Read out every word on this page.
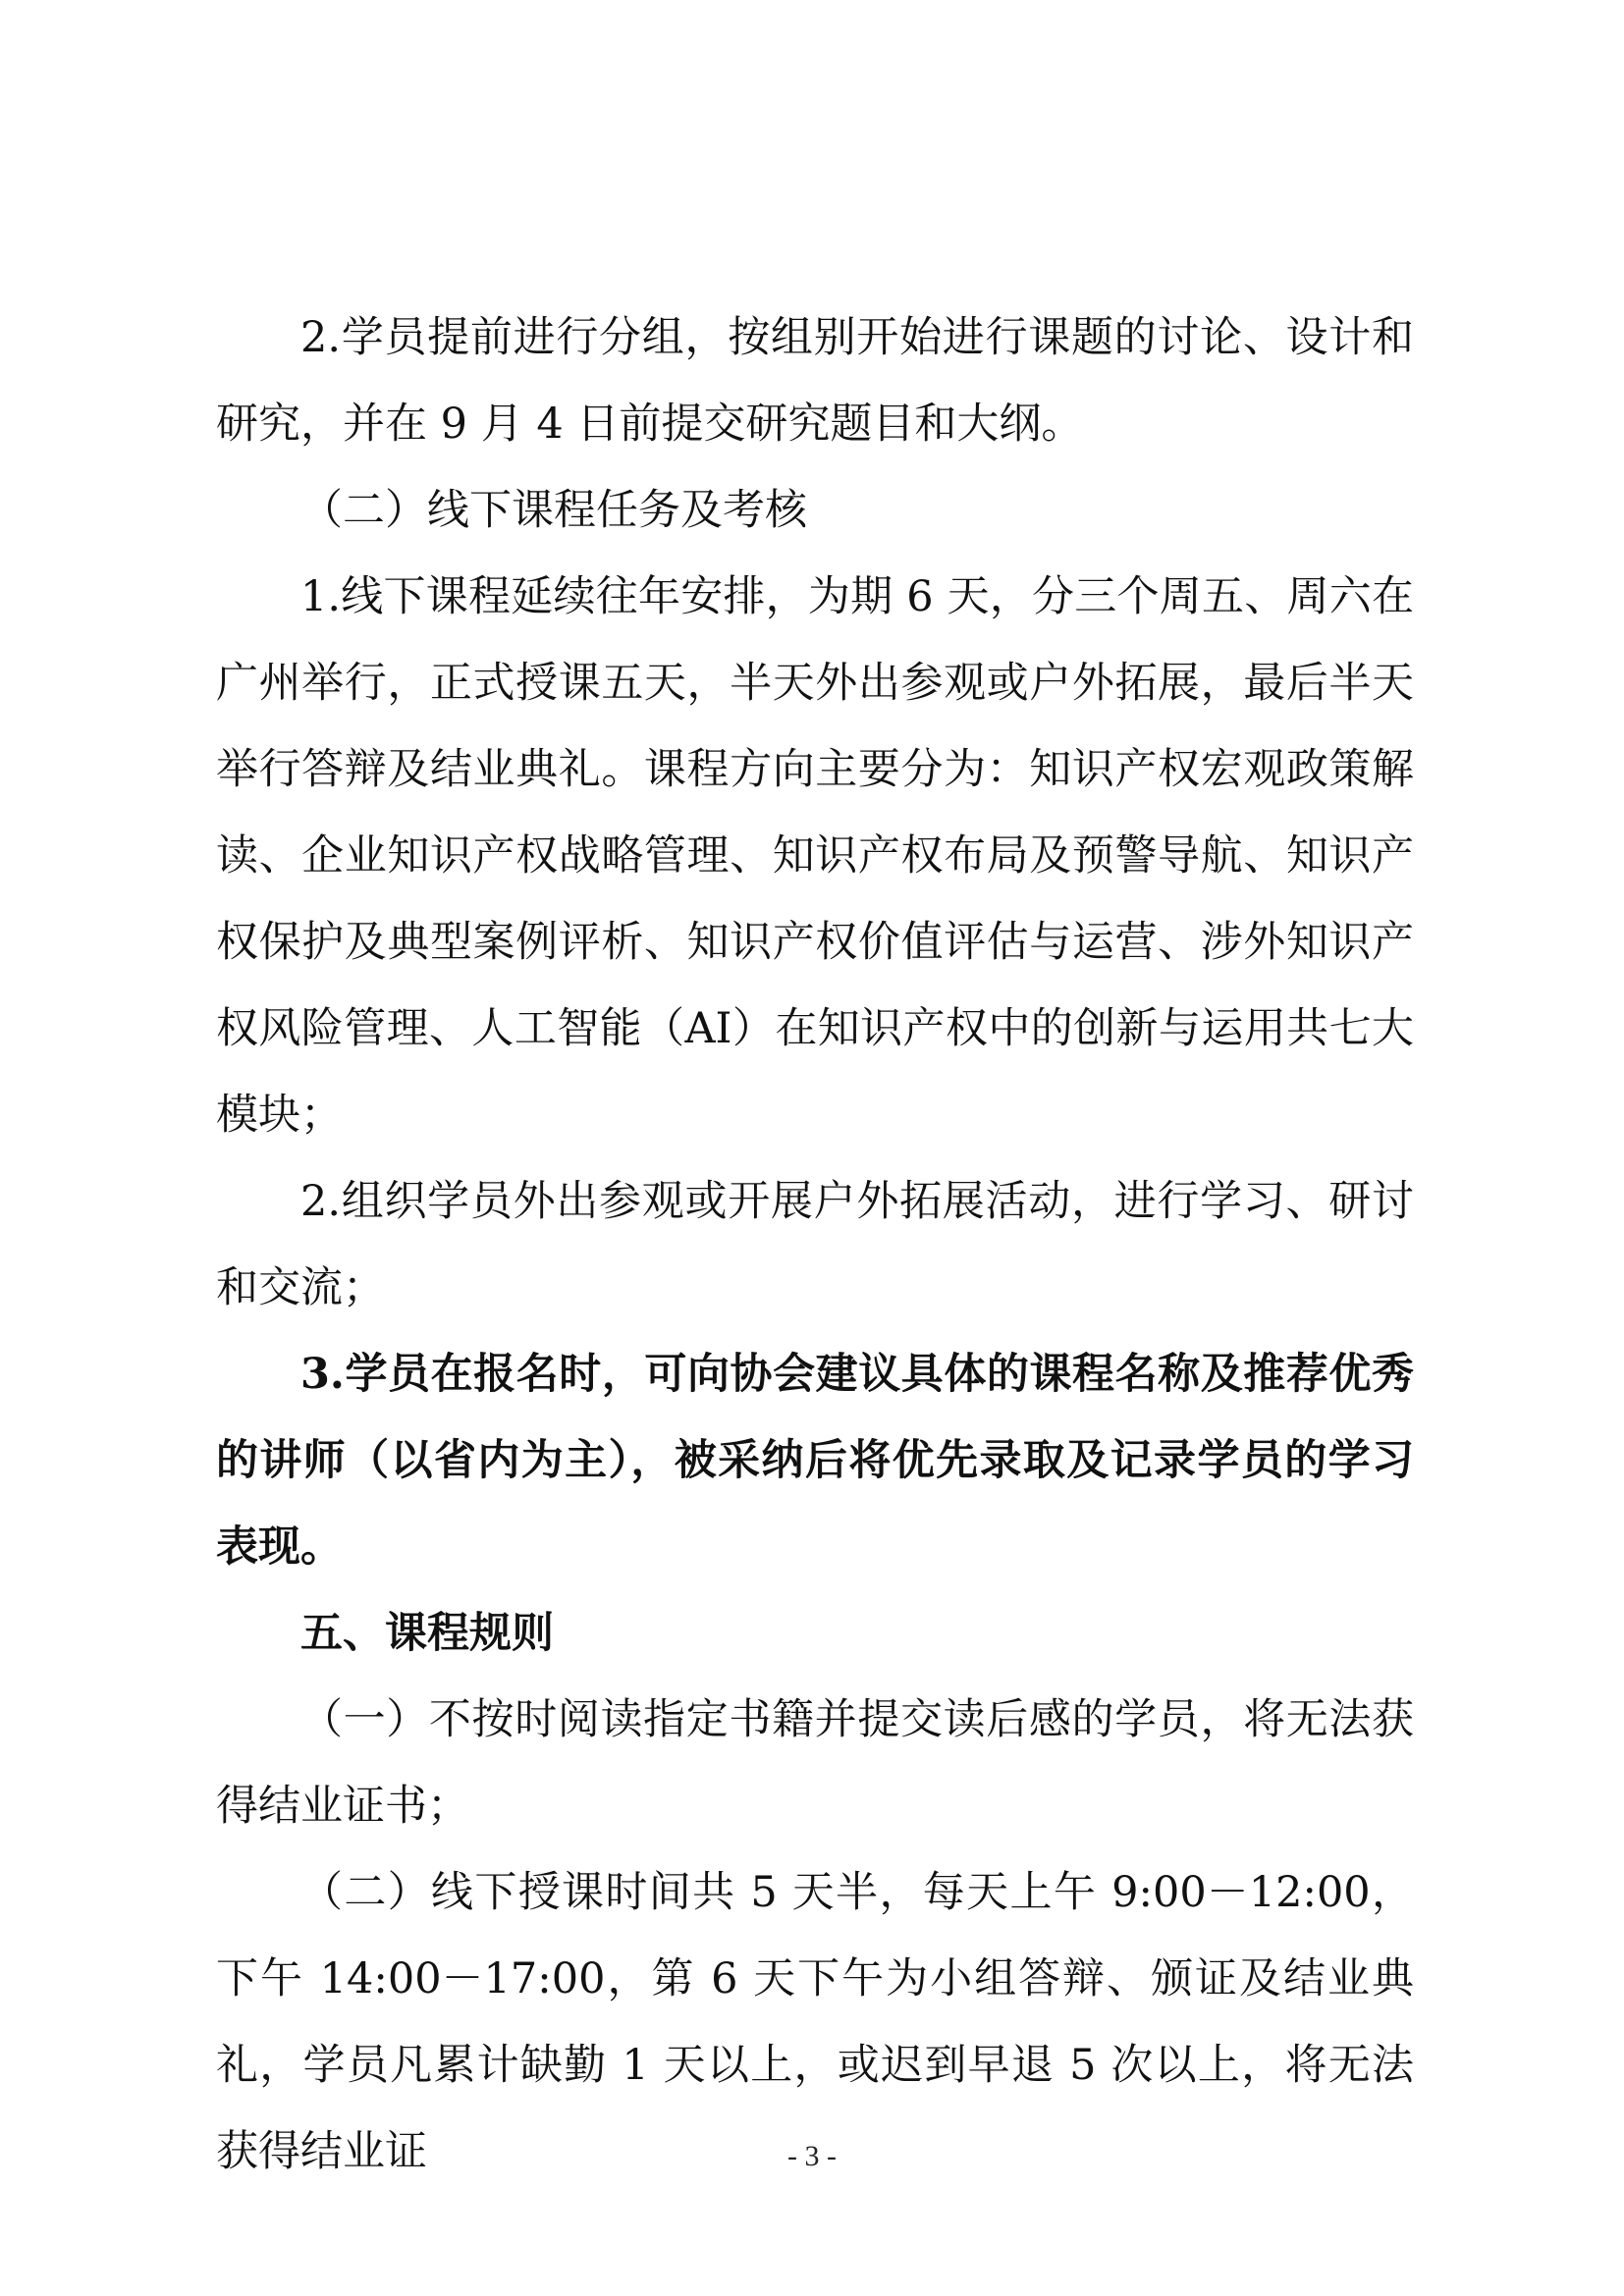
2.学员提前进行分组，按组别开始进行课题的讨论、设计和研究，并在 9 月 4 日前提交研究题目和大纲。

（二）线下课程任务及考核

1.线下课程延续往年安排，为期 6 天，分三个周五、周六在广州举行，正式授课五天，半天外出参观或户外拓展，最后半天举行答辩及结业典礼。课程方向主要分为：知识产权宏观政策解读、企业知识产权战略管理、知识产权布局及预警导航、知识产权保护及典型案例评析、知识产权价值评估与运营、涉外知识产权风险管理、人工智能（AI）在知识产权中的创新与运用共七大模块；

2.组织学员外出参观或开展户外拓展活动，进行学习、研讨和交流；

3.学员在报名时，可向协会建议具体的课程名称及推荐优秀的讲师（以省内为主），被采纳后将优先录取及记录学员的学习表现。

五、课程规则

（一）不按时阅读指定书籍并提交读后感的学员，将无法获得结业证书；

（二）线下授课时间共 5 天半，每天上午 9:00－12:00，下午 14:00－17:00，第 6 天下午为小组答辩、颁证及结业典礼，学员凡累计缺勤 1 天以上，或迟到早退 5 次以上，将无法获得结业证	- 3 -
